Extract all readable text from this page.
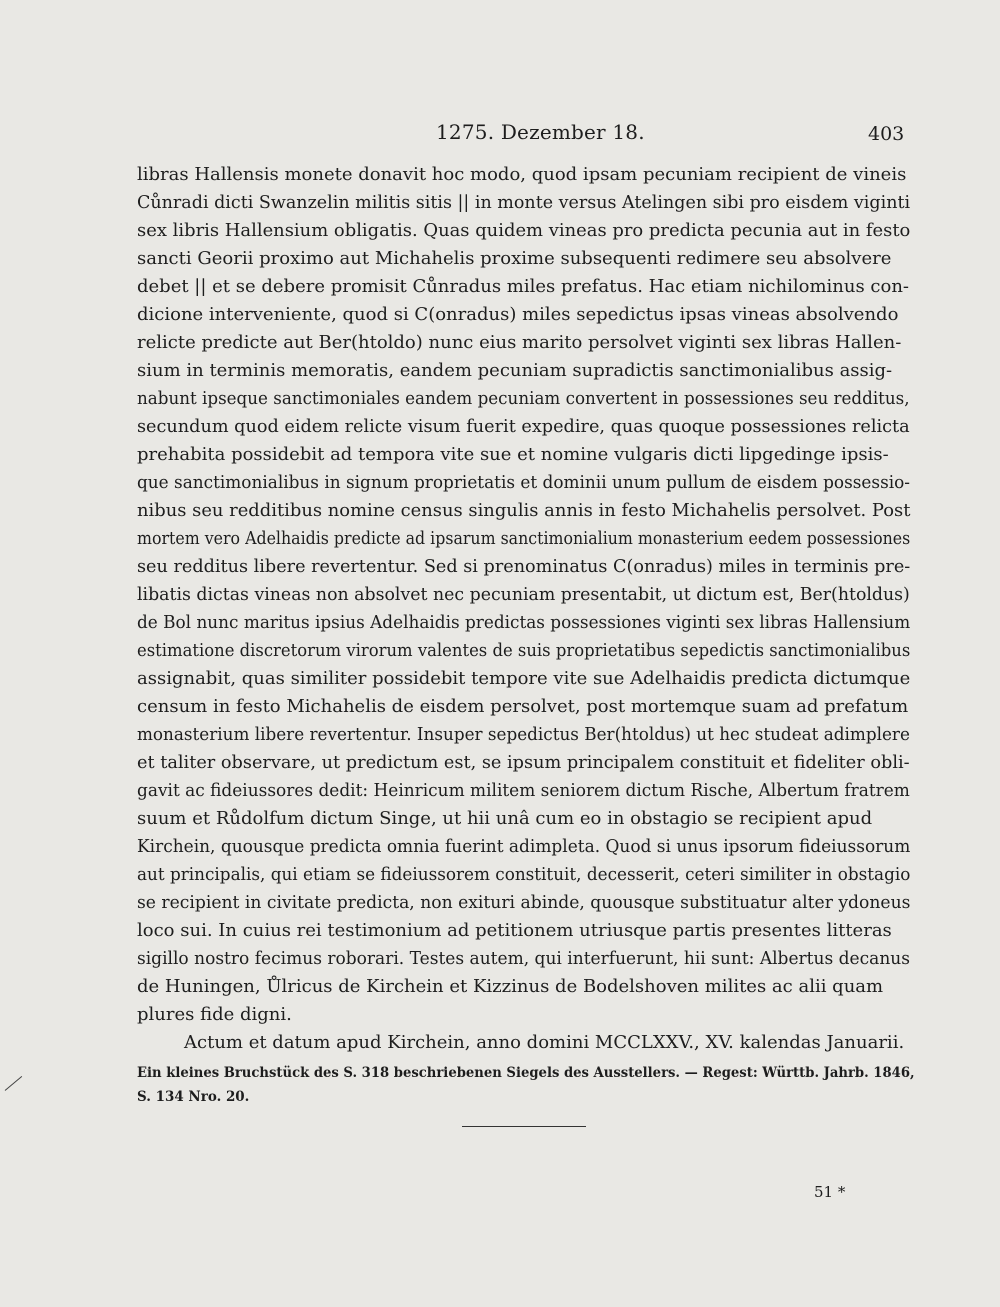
1275. Dezember 18.	403
libras Hallensis monete donavit hoc modo, quod ipsam pecuniam recipient de vineis
Cůnradi dicti Swanzelin militis sitis || in monte versus Atelingen sibi pro eisdem viginti
sex libris Hallensium obligatis. Quas quidem vineas pro predicta pecunia aut in festo
sancti Georii proximo aut Michahelis proxime subsequenti redimere seu absolvere
debet || et se debere promisit Cůnradus miles prefatus. Hac etiam nichilominus con-
dicione interveniente, quod si C(onradus) miles sepedictus ipsas vineas absolvendo
relicte predicte aut Ber(htoldo) nunc eius marito persolvet viginti sex libras Hallen-
sium in terminis memoratis, eandem pecuniam supradictis sanctimonialibus assig-
nabunt ipseque sanctimoniales eandem pecuniam convertent in possessiones seu redditus,
secundum quod eidem relicte visum fuerit expedire, quas quoque possessiones relicta
prehabita possidebit ad tempora vite sue et nomine vulgaris dicti lipgedinge ipsis-
que sanctimonialibus in signum proprietatis et dominii unum pullum de eisdem possessio-
nibus seu redditibus nomine census singulis annis in festo Michahelis persolvet. Post
mortem vero Adelhaidis predicte ad ipsarum sanctimonialium monasterium eedem possessiones
seu redditus libere revertentur. Sed si prenominatus C(onradus) miles in terminis pre-
libatis dictas vineas non absolvet nec pecuniam presentabit, ut dictum est, Ber(htoldus)
de Bol nunc maritus ipsius Adelhaidis predictas possessiones viginti sex libras Hallensium
estimatione discretorum virorum valentes de suis proprietatibus sepedictis sanctimonialibus
assignabit, quas similiter possidebit tempore vite sue Adelhaidis predicta dictumque
censum in festo Michahelis de eisdem persolvet, post mortemque suam ad prefatum
monasterium libere revertentur. Insuper sepedictus Ber(htoldus) ut hec studeat adimplere
et taliter observare, ut predictum est, se ipsum principalem constituit et fideliter obli-
gavit ac fideiussores dedit: Heinricum militem seniorem dictum Rische, Albertum fratrem
suum et Růdolfum dictum Singe, ut hii unâ cum eo in obstagio se recipient apud
Kirchein, quousque predicta omnia fuerint adimpleta. Quod si unus ipsorum fideiussorum
aut principalis, qui etiam se fideiussorem constituit, decesserit, ceteri similiter in obstagio
se recipient in civitate predicta, non exituri abinde, quousque substituatur alter ydoneus
loco sui. In cuius rei testimonium ad petitionem utriusque partis presentes litteras
sigillo nostro fecimus roborari. Testes autem, qui interfuerunt, hii sunt: Albertus decanus
de Huningen, Ůlricus de Kirchein et Kizzinus de Bodelshoven milites ac alii quam
plures fide digni.
Actum et datum apud Kirchein, anno domini MCCLXXV., XV. kalendas Januarii.
Ein kleines Bruchstück des S. 318 beschriebenen Siegels des Ausstellers. — Regest: Württb. Jahrb. 1846,
S. 134 Nro. 20.
51 *
